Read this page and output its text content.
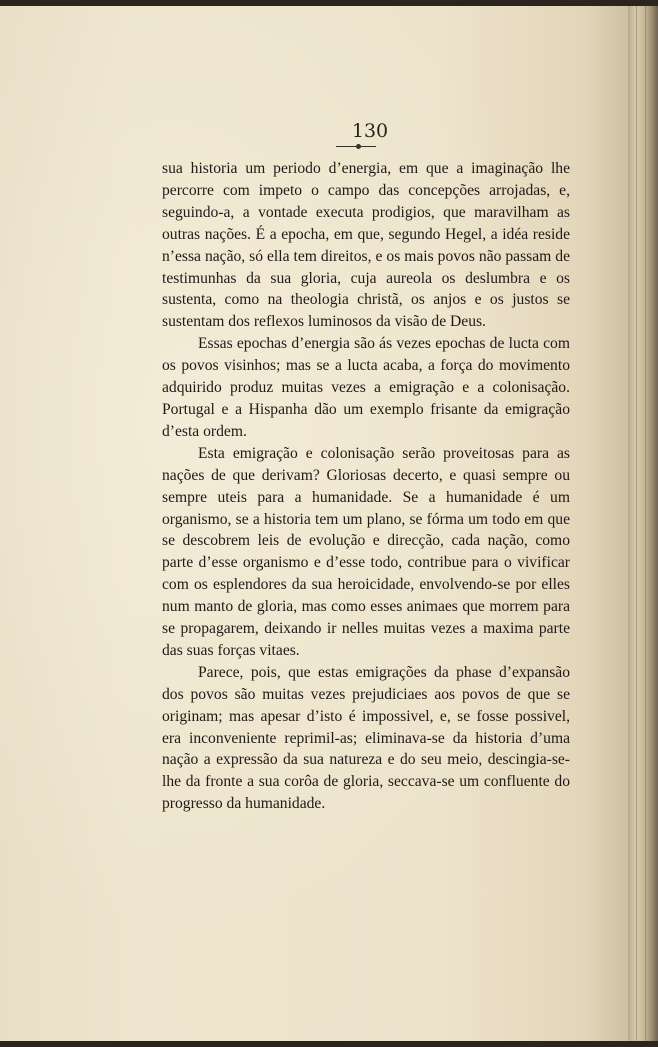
130

sua historia um periodo d’energia, em que a imaginação lhe percorre com impeto o campo das concepções arrojadas, e, seguindo-a, a vontade executa prodigios, que maravilham as outras nações. É a epocha, em que, segundo Hegel, a idéa reside n’essa nação, só ella tem direitos, e os mais povos não passam de testimunhas da sua gloria, cuja aureola os deslumbra e os sustenta, como na theologia christã, os anjos e os justos se sustentam dos reflexos luminosos da visão de Deus.

Essas epochas d’energia são ás vezes epochas de lucta com os povos visinhos; mas se a lucta acaba, a força do movimento adquirido produz muitas vezes a emigração e a colonisação. Portugal e a Hispanha dão um exemplo frisante da emigração d’esta ordem.

Esta emigração e colonisação serão proveitosas para as nações de que derivam? Gloriosas decerto, e quasi sempre ou sempre uteis para a humanidade. Se a humanidade é um organismo, se a historia tem um plano, se fórma um todo em que se descobrem leis de evolução e direcção, cada nação, como parte d’esse organismo e d’esse todo, contribue para o vivificar com os esplendores da sua heroicidade, envolvendo-se por elles num manto de gloria, mas como esses animaes que morrem para se propagarem, deixando ir nelles muitas vezes a maxima parte das suas forças vitaes.

Parece, pois, que estas emigrações da phase d’expansão dos povos são muitas vezes prejudiciaes aos povos de que se originam; mas apesar d’isto é impossivel, e, se fosse possivel, era inconveniente reprimil-as; eliminava-se da historia d’uma nação a expressão da sua natureza e do seu meio, descingia-se-lhe da fronte a sua corôa de gloria, seccava-se um confluente do progresso da humanidade.
